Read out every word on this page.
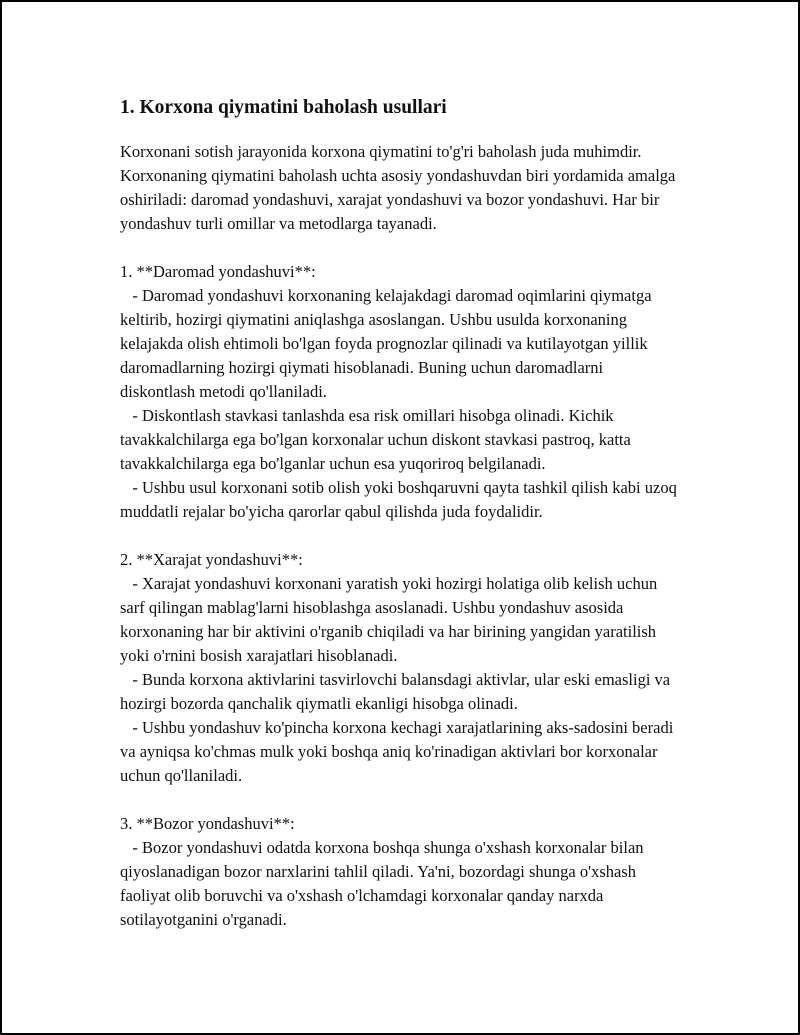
1. Korxona qiymatini baholash usullari

Korxonani sotish jarayonida korxona qiymatini to'g'ri baholash juda muhimdir. Korxonaning qiymatini baholash uchta asosiy yondashuvdan biri yordamida amalga oshiriladi: daromad yondashuvi, xarajat yondashuvi va bozor yondashuvi. Har bir yondashuv turli omillar va metodlarga tayanadi.

1. **Daromad yondashuvi**:

- Daromad yondashuvi korxonaning kelajakdagi daromad oqimlarini qiymatga keltirib, hozirgi qiymatini aniqlashga asoslangan. Ushbu usulda korxonaning kelajakda olish ehtimoli bo'lgan foyda prognozlar qilinadi va kutilayotgan yillik daromadlarning hozirgi qiymati hisoblanadi. Buning uchun daromadlarni diskontlash metodi qo'llaniladi.

- Diskontlash stavkasi tanlashda esa risk omillari hisobga olinadi. Kichik tavakkalchilarga ega bo'lgan korxonalar uchun diskont stavkasi pastroq, katta tavakkalchilarga ega bo'lganlar uchun esa yuqoriroq belgilanadi.

- Ushbu usul korxonani sotib olish yoki boshqaruvni qayta tashkil qilish kabi uzoq muddatli rejalar bo'yicha qarorlar qabul qilishda juda foydalidir.

2. **Xarajat yondashuvi**:

- Xarajat yondashuvi korxonani yaratish yoki hozirgi holatiga olib kelish uchun sarf qilingan mablag'larni hisoblashga asoslanadi. Ushbu yondashuv asosida korxonaning har bir aktivini o'rganib chiqiladi va har birining yangidan yaratilish yoki o'rnini bosish xarajatlari hisoblanadi.

- Bunda korxona aktivlarini tasvirlovchi balansdagi aktivlar, ular eski emasligi va hozirgi bozorda qanchalik qiymatli ekanligi hisobga olinadi.

- Ushbu yondashuv ko'pincha korxona kechagi xarajatlarining aks-sadosini beradi va ayniqsa ko'chmas mulk yoki boshqa aniq ko'rinadigan aktivlari bor korxonalar uchun qo'llaniladi.

3. **Bozor yondashuvi**:

- Bozor yondashuvi odatda korxona boshqa shunga o'xshash korxonalar bilan qiyoslanadigan bozor narxlarini tahlil qiladi. Ya'ni, bozordagi shunga o'xshash faoliyat olib boruvchi va o'xshash o'lchamdagi korxonalar qanday narxda sotilayotganini o'rganadi.
